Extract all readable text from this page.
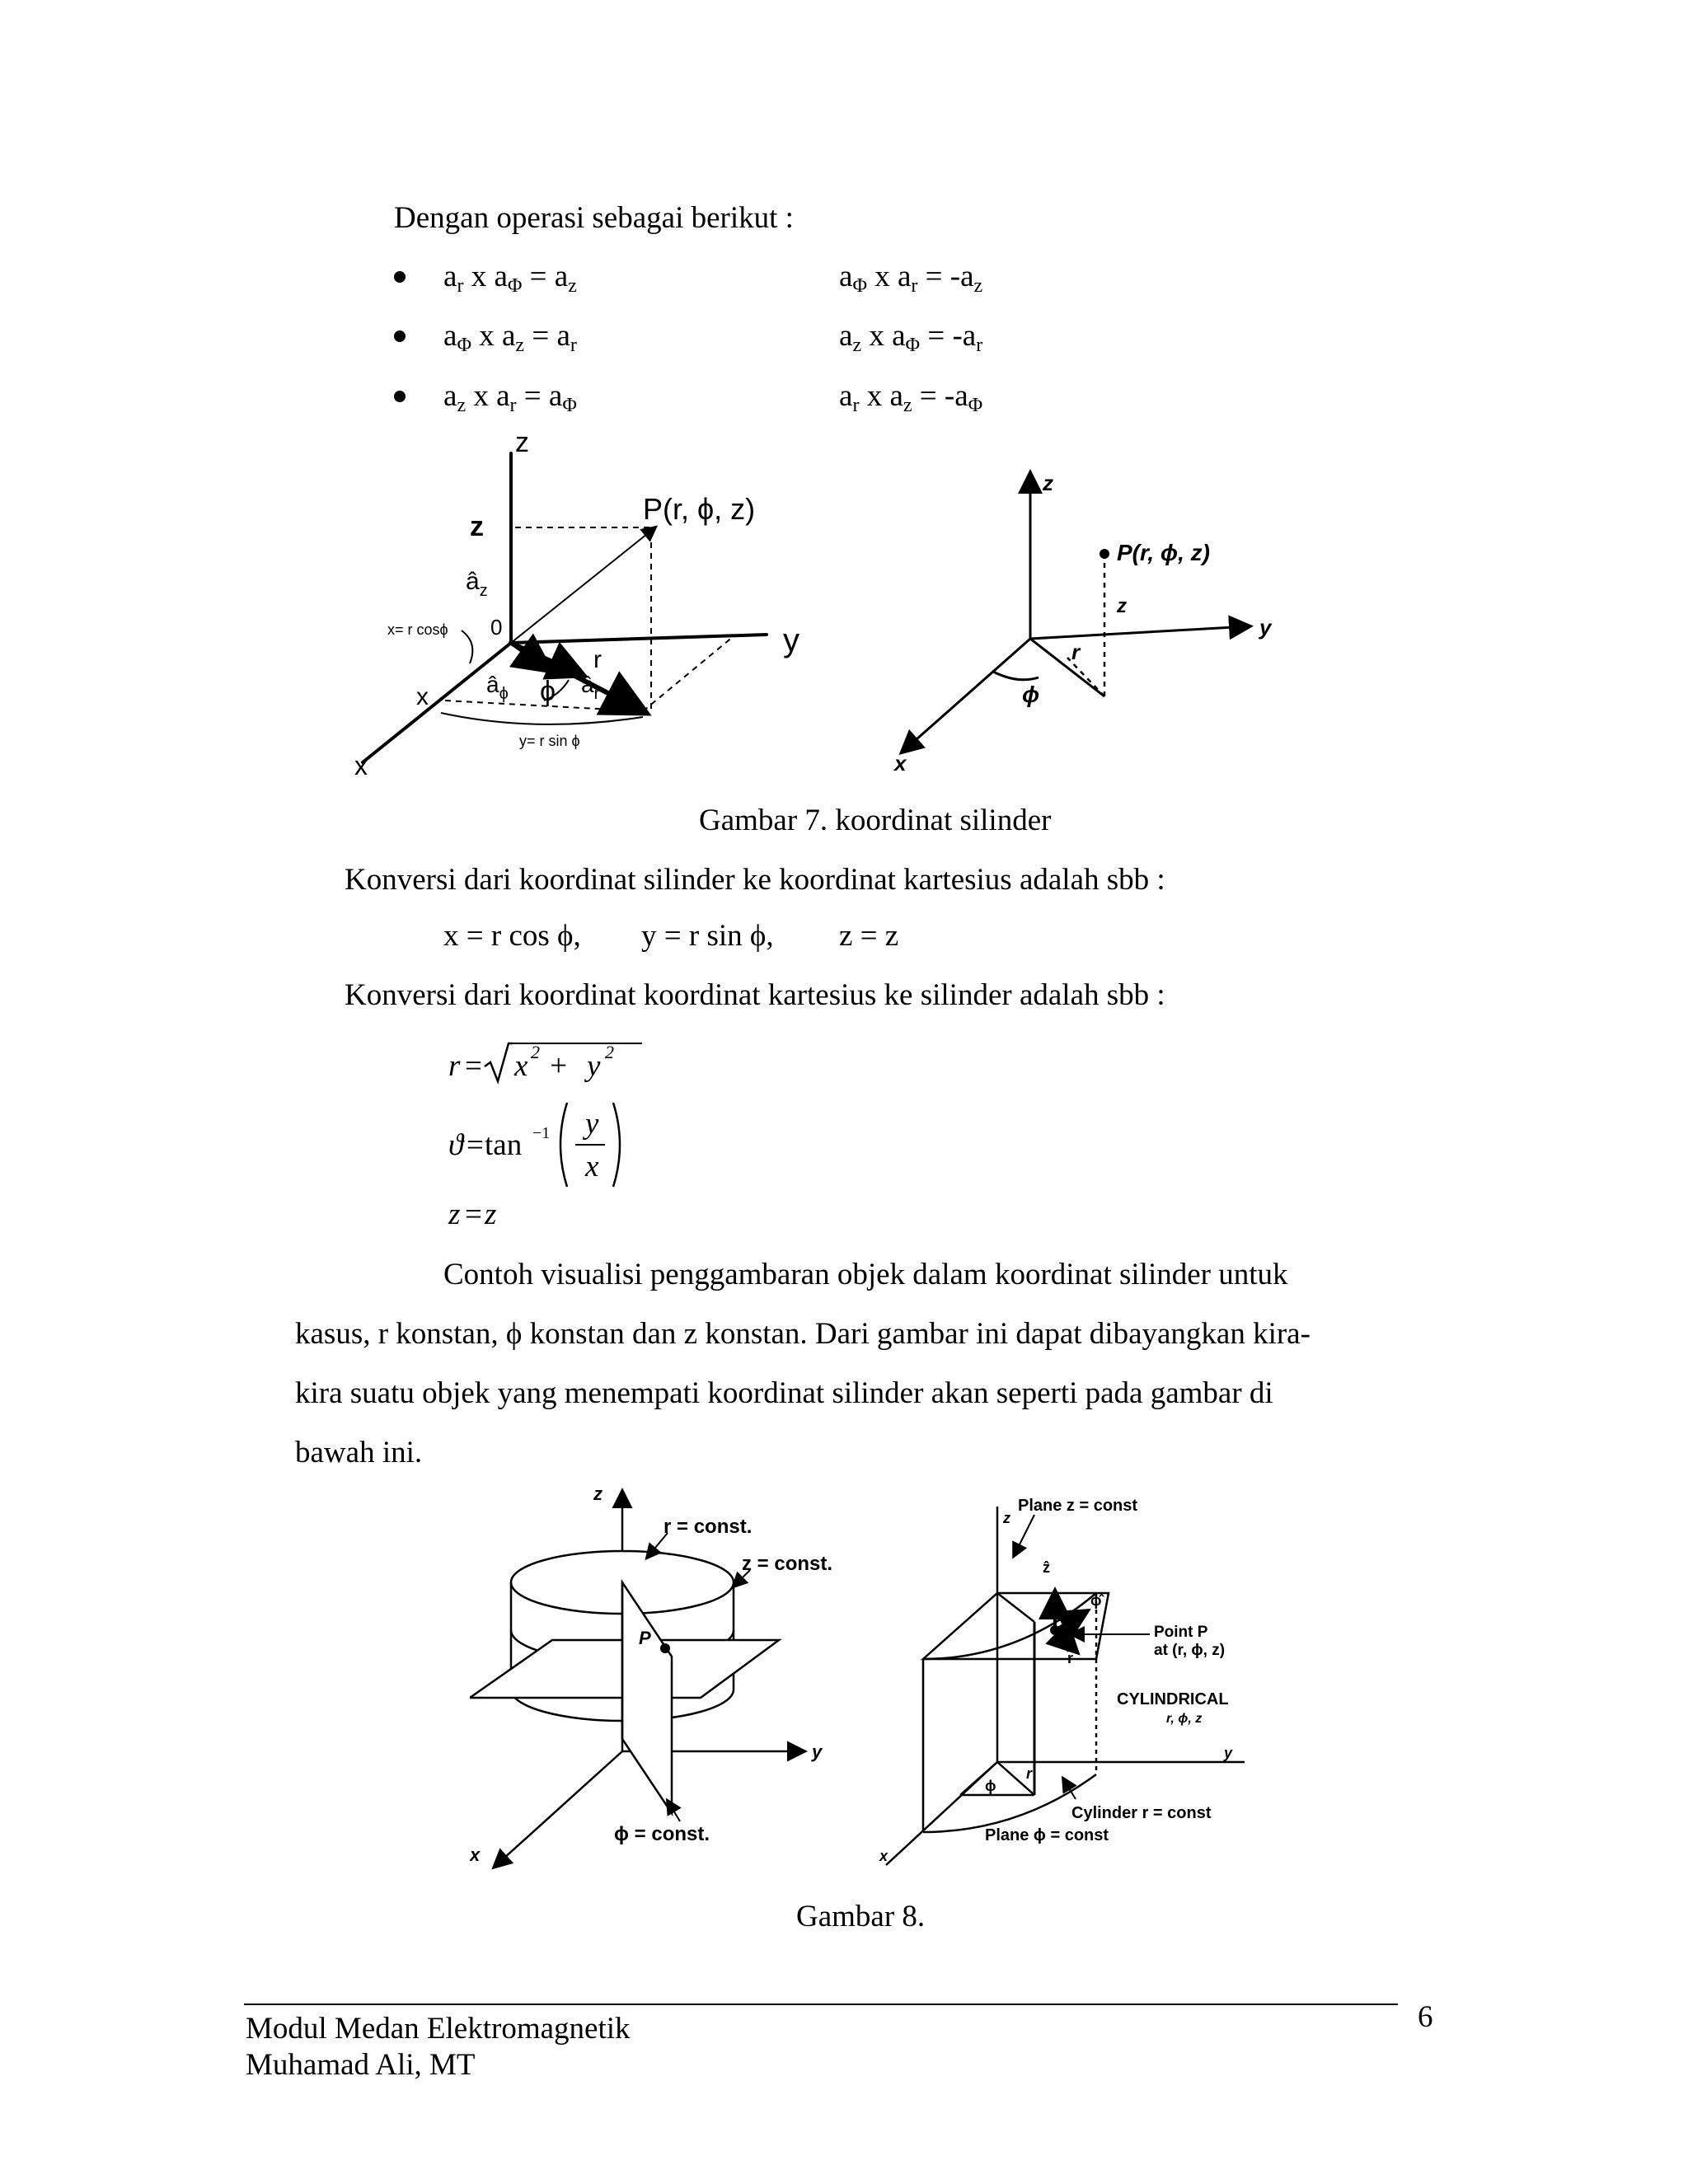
Dengan operasi sebagai berikut :
$a_r$ x $a_\Phi = a_z$	$a_\Phi$ x $a_r = -a_z$
$a_\Phi$ x $a_z = a_r$	$a_z$ x $a_\Phi = -a_r$
$a_z$ x $a_r = a_\Phi$	$a_r$ x $a_z = -a_\Phi$
z
z
$â_z$
0
P(r, ϕ, z)
x= r cosϕ
x
x
y
$â_\phi$ ϕ $â_r$
r
y= r sin ϕ
z
P(r, ϕ, z)
z
y
r
ϕ
x
Gambar 7. koordinat silinder
Konversi dari koordinat silinder ke koordinat kartesius adalah sbb :
x = r cos ϕ, y = r sin ϕ, z = z
Konversi dari koordinat koordinat kartesius ke silinder adalah sbb :
r = x 2 + y 2
ϑ = tan −1 y
x
z = z
Contoh visualisi penggambaran objek dalam koordinat silinder untuk
kasus, r konstan, ϕ konstan dan z konstan. Dari gambar ini dapat dibayangkan kira-
kira suatu objek yang menempati koordinat silinder akan seperti pada gambar di
bawah ini.
z
r = const.
z = const.
P
y
x
ϕ = const.
Plane z = const
z
ẑ
ϕ̂
Point P
at (r, ϕ, z)
r̂
CYLINDRICAL
r, ϕ, z
y
ϕ
r
Cylinder r = const
Plane ϕ = const
x
Gambar 8.
Modul Medan Elektromagnetik
Muhamad Ali, MT
6
